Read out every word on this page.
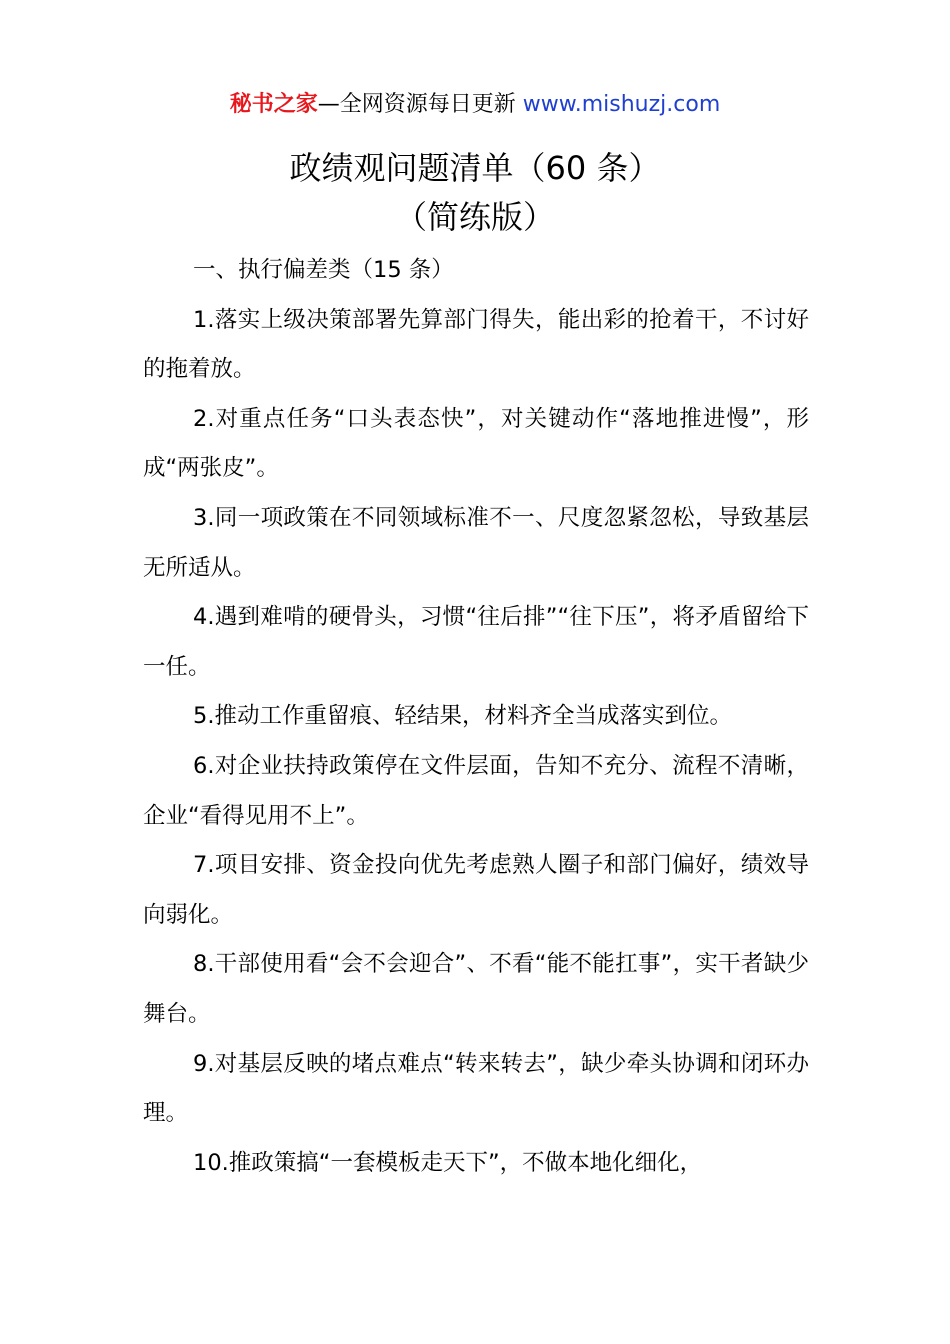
秘书之家—全网资源每日更新 www.mishuzj.com
政绩观问题清单（60 条）
（简练版）

一、执行偏差类（15 条）

1.落实上级决策部署先算部门得失，能出彩的抢着干，不讨好的拖着放。

2.对重点任务“口头表态快”，对关键动作“落地推进慢”，形成“两张皮”。

3.同一项政策在不同领域标准不一、尺度忽紧忽松，导致基层无所适从。

4.遇到难啃的硬骨头，习惯“往后排”“往下压”，将矛盾留给下一任。

5.推动工作重留痕、轻结果，材料齐全当成落实到位。

6.对企业扶持政策停在文件层面，告知不充分、流程不清晰，企业“看得见用不上”。

7.项目安排、资金投向优先考虑熟人圈子和部门偏好，绩效导向弱化。

8.干部使用看“会不会迎合”、不看“能不能扛事”，实干者缺少舞台。

9.对基层反映的堵点难点“转来转去”，缺少牵头协调和闭环办理。

10.推政策搞“一套模板走天下”，不做本地化细化，
